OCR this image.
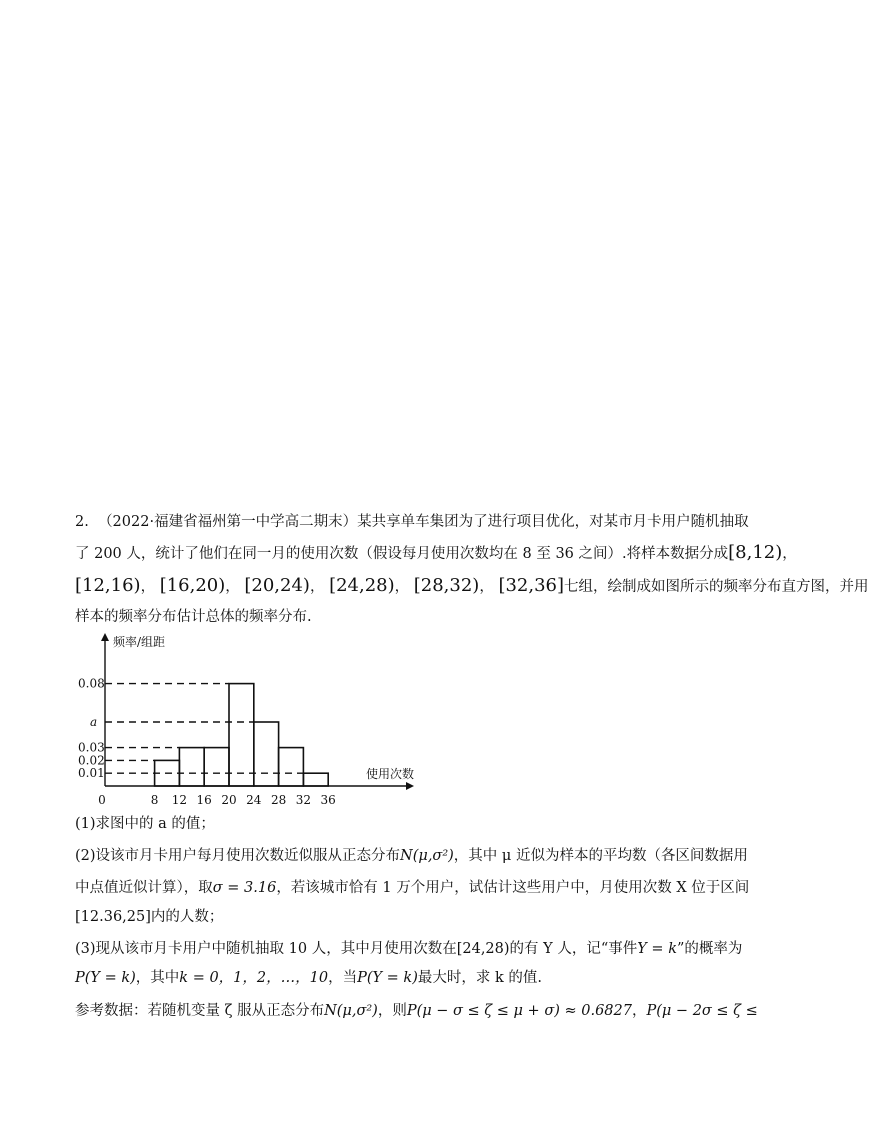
2. （2022·福建省福州第一中学高二期末）某共享单车集团为了进行项目优化，对某市月卡用户随机抽取
了 200 人，统计了他们在同一月的使用次数（假设每月使用次数均在 8 至 36 之间）.将样本数据分成[8,12)，
[12,16)， [16,20)， [20,24)， [24,28)， [28,32)， [32,36]七组，绘制成如图所示的频率分布直方图，并用
样本的频率分布估计总体的频率分布.
0	8 12 16 20 24 28 32 36
0.01
0.02
0.03
a
0.08
频率/组距
使用次数
(1)求图中的 a 的值；
(2)设该市月卡用户每月使用次数近似服从正态分布N(μ,σ²)，其中 μ 近似为样本的平均数（各区间数据用
中点值近似计算），取σ = 3.16，若该城市恰有 1 万个用户，试估计这些用户中，月使用次数 X 位于区间
[12.36,25]内的人数；
(3)现从该市月卡用户中随机抽取 10 人，其中月使用次数在[24,28)的有 Y 人，记“事件Y = k”的概率为
P(Y = k)，其中k = 0，1，2，…，10，当P(Y = k)最大时，求 k 的值.
参考数据：若随机变量 ζ 服从正态分布N(μ,σ²)，则P(μ − σ ≤ ζ ≤ μ + σ) ≈ 0.6827，P(μ − 2σ ≤ ζ ≤
